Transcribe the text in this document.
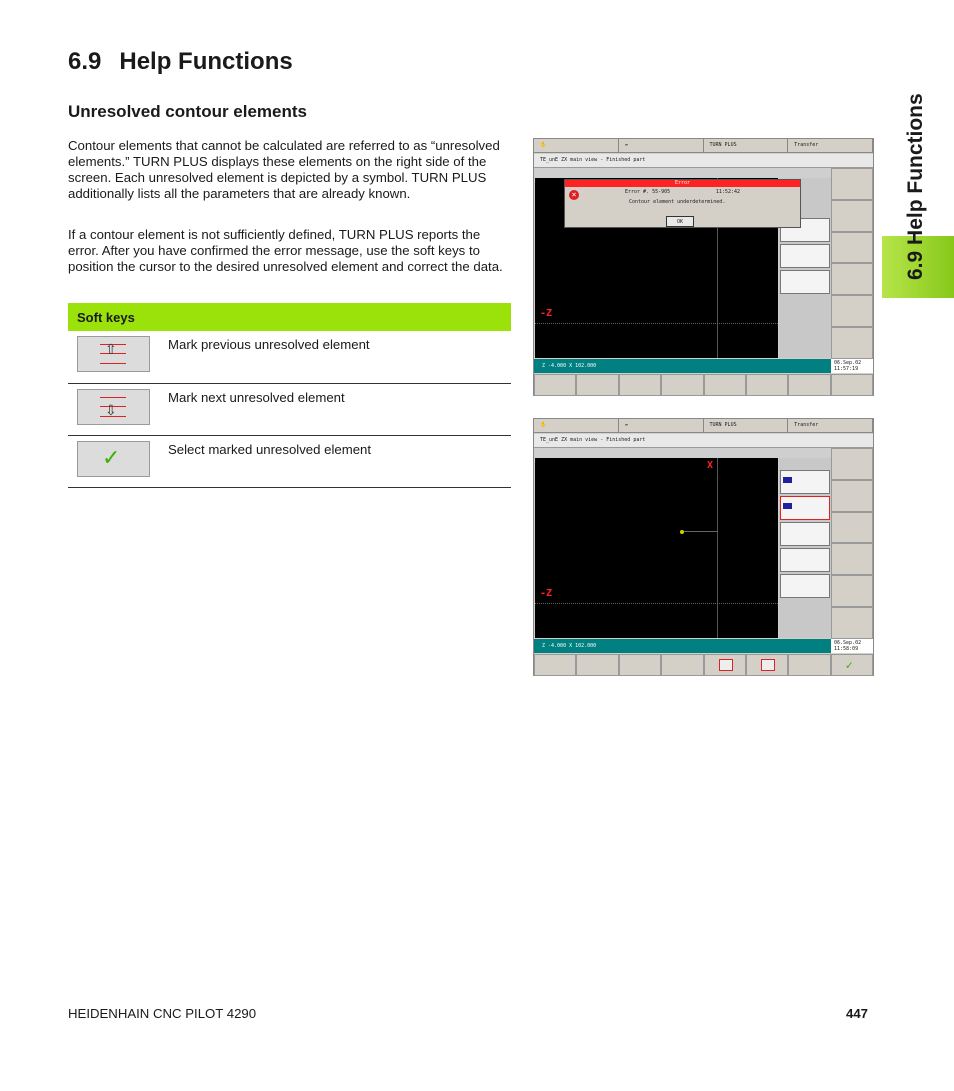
6.9 Help Functions
6.9 Help Functions
Unresolved contour elements

Contour elements that cannot be calculated are referred to as “unresolved elements.” TURN PLUS displays these elements on the right side of the screen. Each unresolved element is depicted by a symbol. TURN PLUS additionally lists all the parameters that are already known.

If a contour element is not sufficiently defined, TURN PLUS reports the error. After you have confirmed the error message, use the soft keys to position the cursor to the desired unresolved element and correct the data.

Soft keys	

⇧	Mark previous unresolved element

⇩	Mark next unresolved element

✓	Select marked unresolved element
✋	⇛	TURN PLUS	Transfer
TE_unE ZX main view - Finished part
-Z
Error
×	Error #. 55-905	11:52:42
Contour element underdetermined.
OK
Z -4.000 X 102.000	06.Sep.02
11:57:19
✋	⇛	TURN PLUS	Transfer
TE_unE ZX main view - Finished part
X
-Z
Z -4.000 X 102.000	06.Sep.02
11:58:09
✓
HEIDENHAIN CNC PILOT 4290	447
